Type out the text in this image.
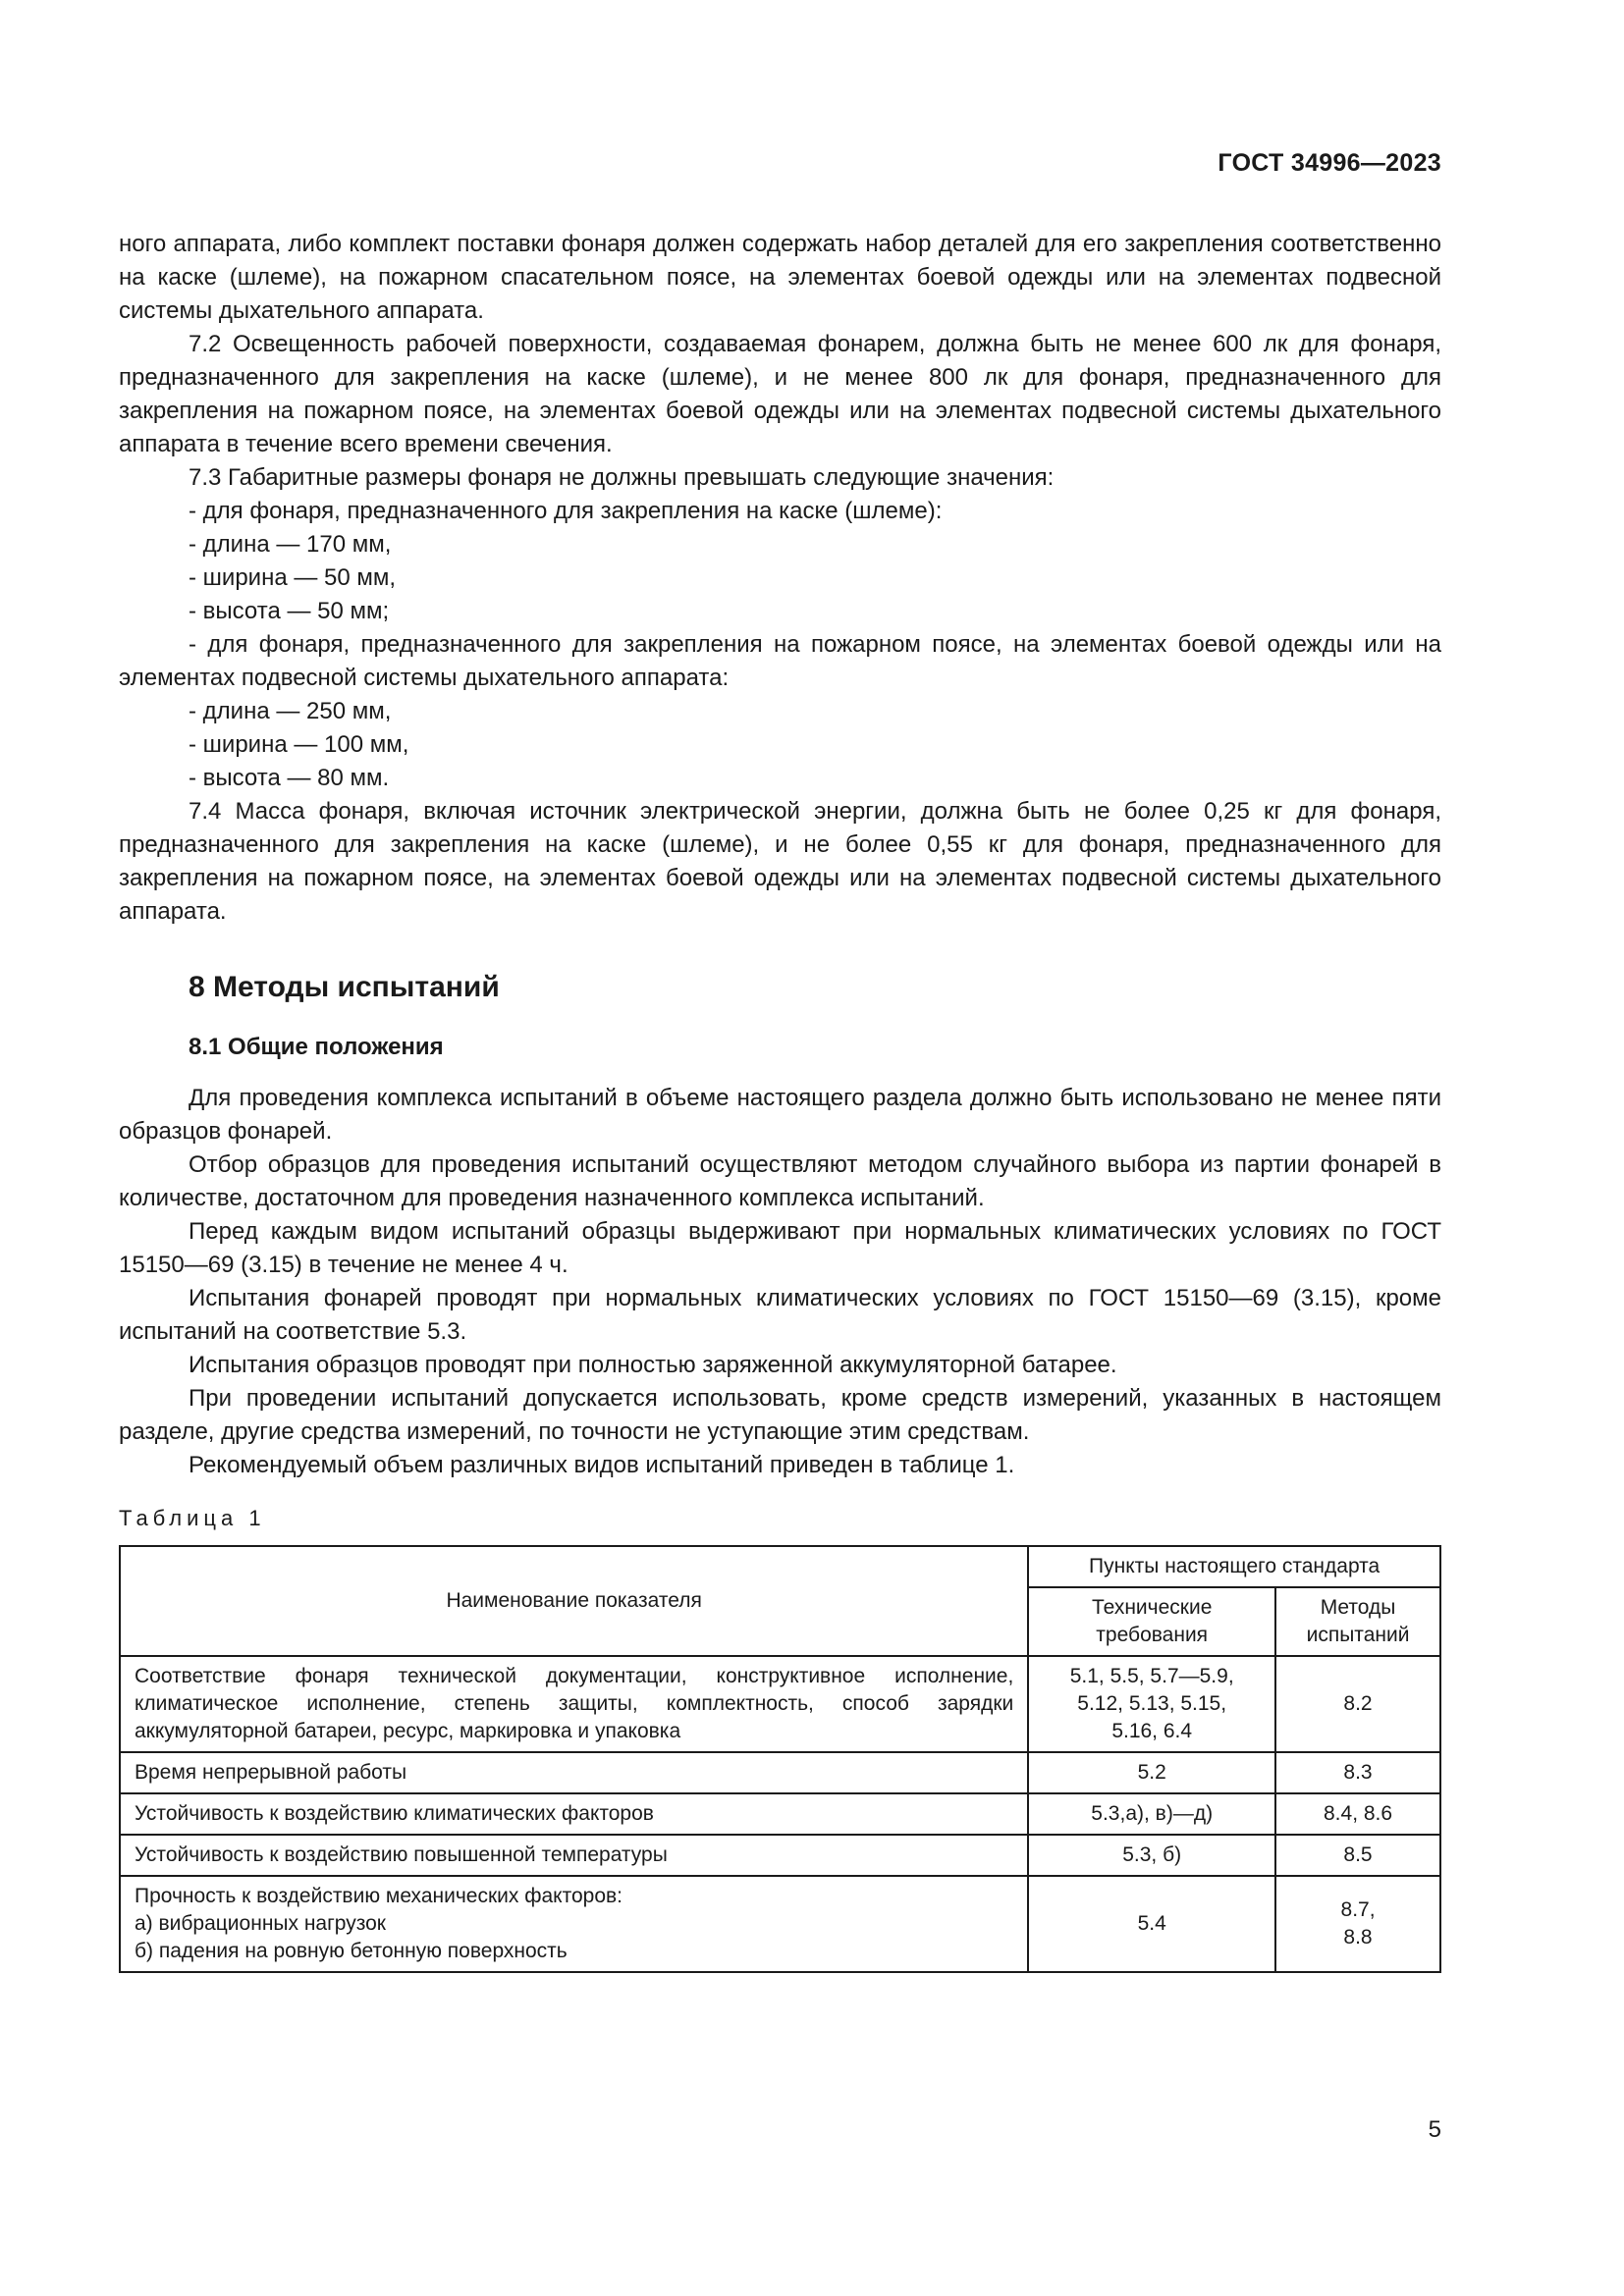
ГОСТ 34996—2023

ного аппарата, либо комплект поставки фонаря должен содержать набор деталей для его закрепления соответственно на каске (шлеме), на пожарном спасательном поясе, на элементах боевой одежды или на элементах подвесной системы дыхательного аппарата.

7.2 Освещенность рабочей поверхности, создаваемая фонарем, должна быть не менее 600 лк для фонаря, предназначенного для закрепления на каске (шлеме), и не менее 800 лк для фонаря, предназначенного для закрепления на пожарном поясе, на элементах боевой одежды или на элементах подвесной системы дыхательного аппарата в течение всего времени свечения.

7.3 Габаритные размеры фонаря не должны превышать следующие значения:

- для фонаря, предназначенного для закрепления на каске (шлеме):

- длина — 170 мм,

- ширина — 50 мм,

- высота — 50 мм;

- для фонаря, предназначенного для закрепления на пожарном поясе, на элементах боевой одежды или на элементах подвесной системы дыхательного аппарата:

- длина — 250 мм,

- ширина — 100 мм,

- высота — 80 мм.

7.4 Масса фонаря, включая источник электрической энергии, должна быть не более 0,25 кг для фонаря, предназначенного для закрепления на каске (шлеме), и не более 0,55 кг для фонаря, предназначенного для закрепления на пожарном поясе, на элементах боевой одежды или на элементах подвесной системы дыхательного аппарата.

8 Методы испытаний
8.1 Общие положения

Для проведения комплекса испытаний в объеме настоящего раздела должно быть использовано не менее пяти образцов фонарей.

Отбор образцов для проведения испытаний осуществляют методом случайного выбора из партии фонарей в количестве, достаточном для проведения назначенного комплекса испытаний.

Перед каждым видом испытаний образцы выдерживают при нормальных климатических условиях по ГОСТ 15150—69 (3.15) в течение не менее 4 ч.

Испытания фонарей проводят при нормальных климатических условиях по ГОСТ 15150—69 (3.15), кроме испытаний на соответствие 5.3.

Испытания образцов проводят при полностью заряженной аккумуляторной батарее.

При проведении испытаний допускается использовать, кроме средств измерений, указанных в настоящем разделе, другие средства измерений, по точности не уступающие этим средствам.

Рекомендуемый объем различных видов испытаний приведен в таблице 1.

Таблица 1
Наименование показателя	Пункты настоящего стандарта	
	Технические требования	Методы испытаний

Соответствие фонаря технической документации, конструктивное исполнение, климатическое исполнение, степень защиты, комплектность, способ зарядки аккумуляторной батареи, ресурс, маркировка и упаковка	5.1, 5.5, 5.7—5.9,
5.12, 5.13, 5.15,
5.16, 6.4	8.2

Время непрерывной работы	5.2	8.3

Устойчивость к воздействию климатических факторов	5.3,а), в)—д)	8.4, 8.6

Устойчивость к воздействию повышенной температуры	5.3, б)	8.5

Прочность к воздействию механических факторов:
а) вибрационных нагрузок
б) падения на ровную бетонную поверхность	5.4	8.7,
8.8
5
